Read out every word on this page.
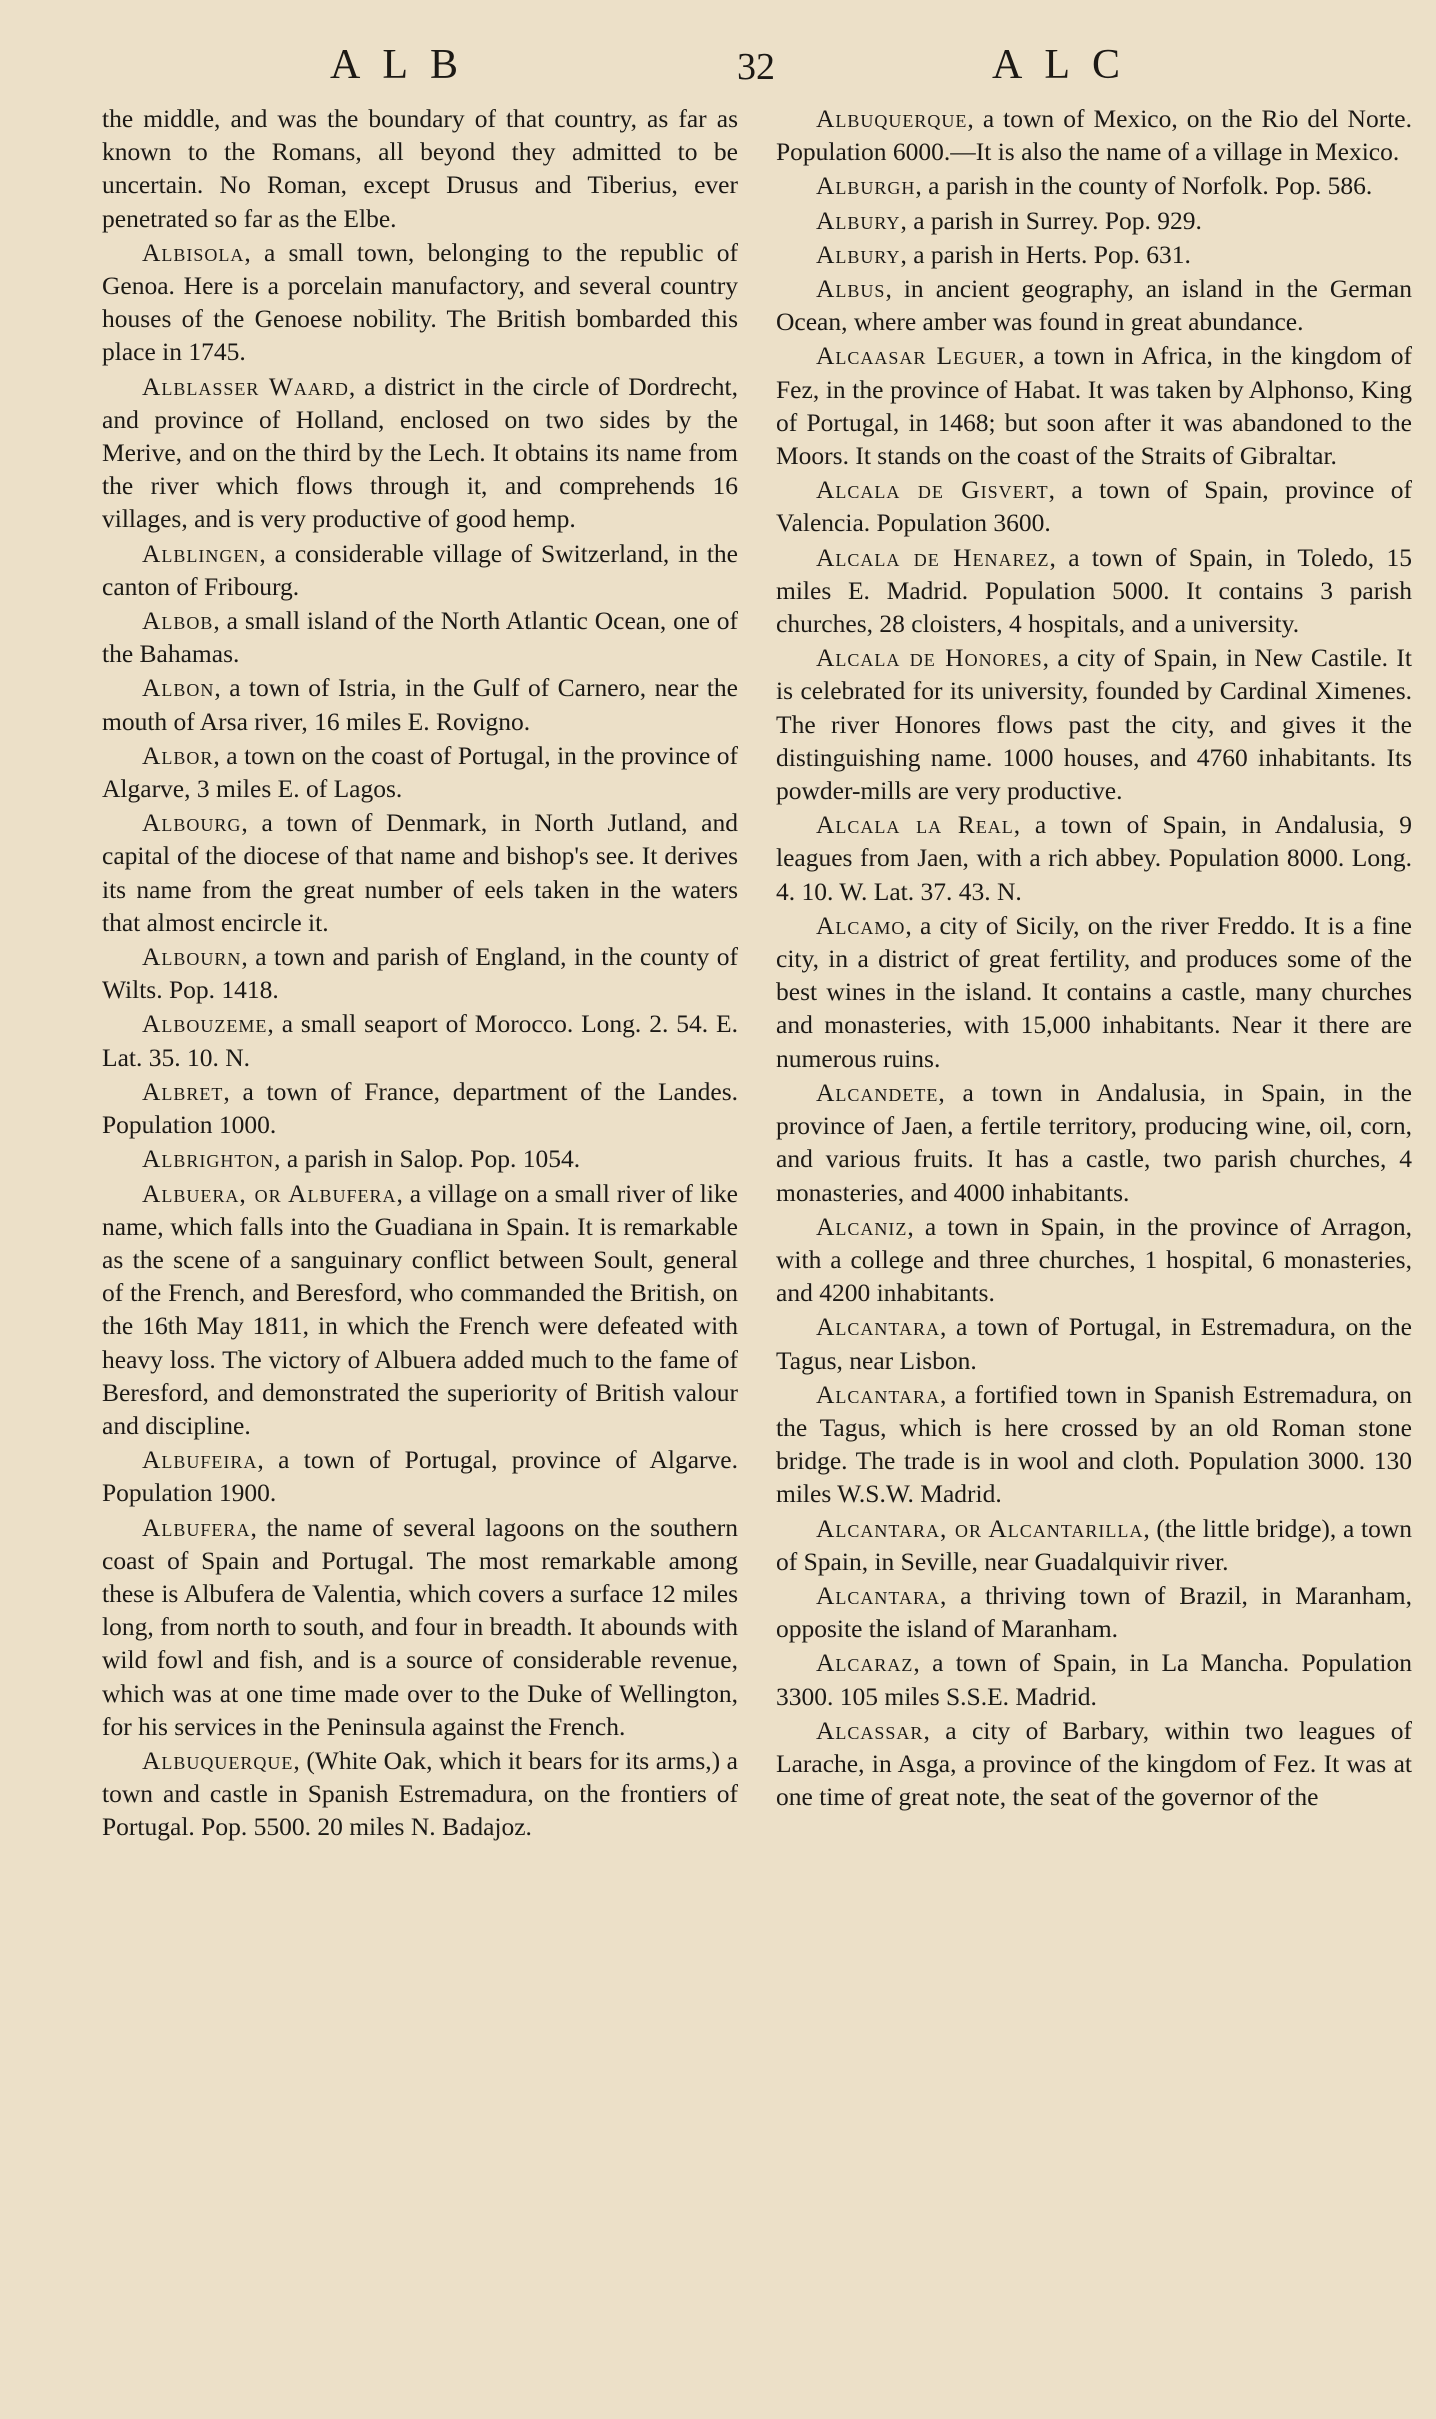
ALB	32	ALC

the middle, and was the boundary of that country, as far as known to the Romans, all beyond they admitted to be uncertain. No Roman, except Drusus and Tiberius, ever penetrated so far as the Elbe.

Albisola, a small town, belonging to the republic of Genoa. Here is a porcelain manufactory, and several country houses of the Genoese nobility. The British bombarded this place in 1745.

Alblasser Waard, a district in the circle of Dordrecht, and province of Holland, enclosed on two sides by the Merive, and on the third by the Lech. It obtains its name from the river which flows through it, and comprehends 16 villages, and is very productive of good hemp.

Alblingen, a considerable village of Switzerland, in the canton of Fribourg.

Albob, a small island of the North Atlantic Ocean, one of the Bahamas.

Albon, a town of Istria, in the Gulf of Carnero, near the mouth of Arsa river, 16 miles E. Rovigno.

Albor, a town on the coast of Portugal, in the province of Algarve, 3 miles E. of Lagos.

Albourg, a town of Denmark, in North Jutland, and capital of the diocese of that name and bishop's see. It derives its name from the great number of eels taken in the waters that almost encircle it.

Albourn, a town and parish of England, in the county of Wilts. Pop. 1418.

Albouzeme, a small seaport of Morocco. Long. 2. 54. E. Lat. 35. 10. N.

Albret, a town of France, department of the Landes. Population 1000.

Albrighton, a parish in Salop. Pop. 1054.

Albuera, or Albufera, a village on a small river of like name, which falls into the Guadiana in Spain. It is remarkable as the scene of a sanguinary conflict between Soult, general of the French, and Beresford, who commanded the British, on the 16th May 1811, in which the French were defeated with heavy loss. The victory of Albuera added much to the fame of Beresford, and demonstrated the superiority of British valour and discipline.

Albufeira, a town of Portugal, province of Algarve. Population 1900.

Albufera, the name of several lagoons on the southern coast of Spain and Portugal. The most remarkable among these is Albufera de Valentia, which covers a surface 12 miles long, from north to south, and four in breadth. It abounds with wild fowl and fish, and is a source of considerable revenue, which was at one time made over to the Duke of Wellington, for his services in the Peninsula against the French.

Albuquerque, (White Oak, which it bears for its arms,) a town and castle in Spanish Estremadura, on the frontiers of Portugal. Pop. 5500. 20 miles N. Badajoz.

Albuquerque, a town of Mexico, on the Rio del Norte. Population 6000.—It is also the name of a village in Mexico.

Alburgh, a parish in the county of Norfolk. Pop. 586.

Albury, a parish in Surrey. Pop. 929.

Albury, a parish in Herts. Pop. 631.

Albus, in ancient geography, an island in the German Ocean, where amber was found in great abundance.

Alcaasar Leguer, a town in Africa, in the kingdom of Fez, in the province of Habat. It was taken by Alphonso, King of Portugal, in 1468; but soon after it was abandoned to the Moors. It stands on the coast of the Straits of Gibraltar.

Alcala de Gisvert, a town of Spain, province of Valencia. Population 3600.

Alcala de Henarez, a town of Spain, in Toledo, 15 miles E. Madrid. Population 5000. It contains 3 parish churches, 28 cloisters, 4 hospitals, and a university.

Alcala de Honores, a city of Spain, in New Castile. It is celebrated for its university, founded by Cardinal Ximenes. The river Honores flows past the city, and gives it the distinguishing name. 1000 houses, and 4760 inhabitants. Its powder-mills are very productive.

Alcala la Real, a town of Spain, in Andalusia, 9 leagues from Jaen, with a rich abbey. Population 8000. Long. 4. 10. W. Lat. 37. 43. N.

Alcamo, a city of Sicily, on the river Freddo. It is a fine city, in a district of great fertility, and produces some of the best wines in the island. It contains a castle, many churches and monasteries, with 15,000 inhabitants. Near it there are numerous ruins.

Alcandete, a town in Andalusia, in Spain, in the province of Jaen, a fertile territory, producing wine, oil, corn, and various fruits. It has a castle, two parish churches, 4 monasteries, and 4000 inhabitants.

Alcaniz, a town in Spain, in the province of Arragon, with a college and three churches, 1 hospital, 6 monasteries, and 4200 inhabitants.

Alcantara, a town of Portugal, in Estremadura, on the Tagus, near Lisbon.

Alcantara, a fortified town in Spanish Estremadura, on the Tagus, which is here crossed by an old Roman stone bridge. The trade is in wool and cloth. Population 3000. 130 miles W.S.W. Madrid.

Alcantara, or Alcantarilla, (the little bridge), a town of Spain, in Seville, near Guadalquivir river.

Alcantara, a thriving town of Brazil, in Maranham, opposite the island of Maranham.

Alcaraz, a town of Spain, in La Mancha. Population 3300. 105 miles S.S.E. Madrid.

Alcassar, a city of Barbary, within two leagues of Larache, in Asga, a province of the kingdom of Fez. It was at one time of great note, the seat of the governor of the
